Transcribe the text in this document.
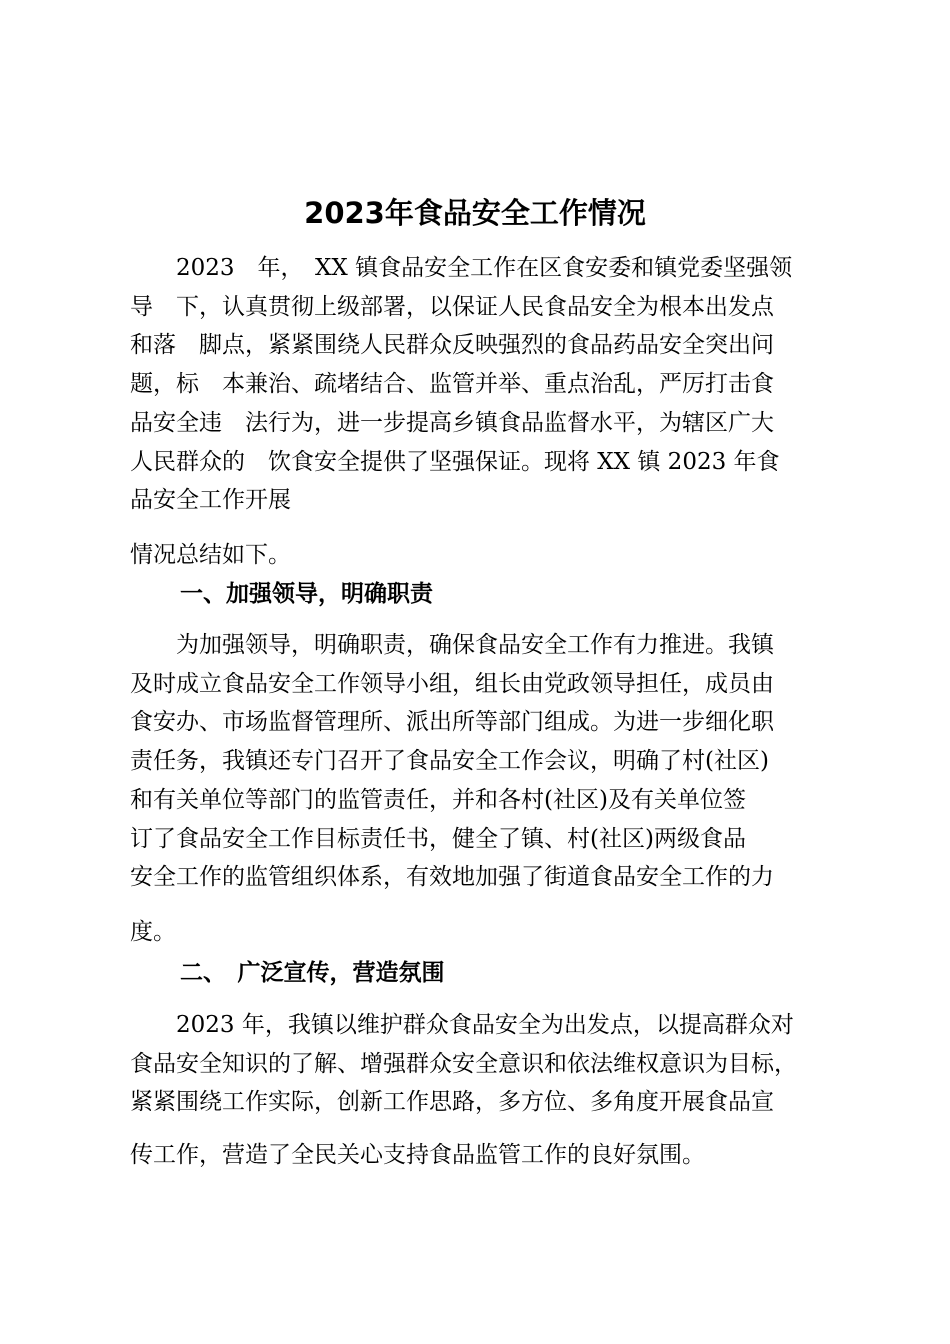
2023年食品安全工作情况
　　2023　年，　XX 镇食品安全工作在区食安委和镇党委坚强领
导　下，认真贯彻上级部署，以保证人民食品安全为根本出发点
和落　脚点，紧紧围绕人民群众反映强烈的食品药品安全突出问
题，标　本兼治、疏堵结合、监管并举、重点治乱，严厉打击食
品安全违　法行为，进一步提高乡镇食品监督水平，为辖区广大
人民群众的　饮食安全提供了坚强保证。现将 XX 镇 2023 年食
品安全工作开展
情况总结如下。
一、加强领导，明确职责
　　为加强领导，明确职责，确保食品安全工作有力推进。我镇
及时成立食品安全工作领导小组，组长由党政领导担任，成员由
食安办、市场监督管理所、派出所等部门组成。为进一步细化职
责任务，我镇还专门召开了食品安全工作会议，明确了村(社区)
和有关单位等部门的监管责任，并和各村(社区)及有关单位签
订了食品安全工作目标责任书，健全了镇、村(社区)两级食品
安全工作的监管组织体系，有效地加强了街道食品安全工作的力
度。
二、　广泛宣传，营造氛围
　　2023 年，我镇以维护群众食品安全为出发点，以提高群众对
食品安全知识的了解、增强群众安全意识和依法维权意识为目标，
紧紧围绕工作实际，创新工作思路，多方位、多角度开展食品宣
传工作，营造了全民关心支持食品监管工作的良好氛围。
